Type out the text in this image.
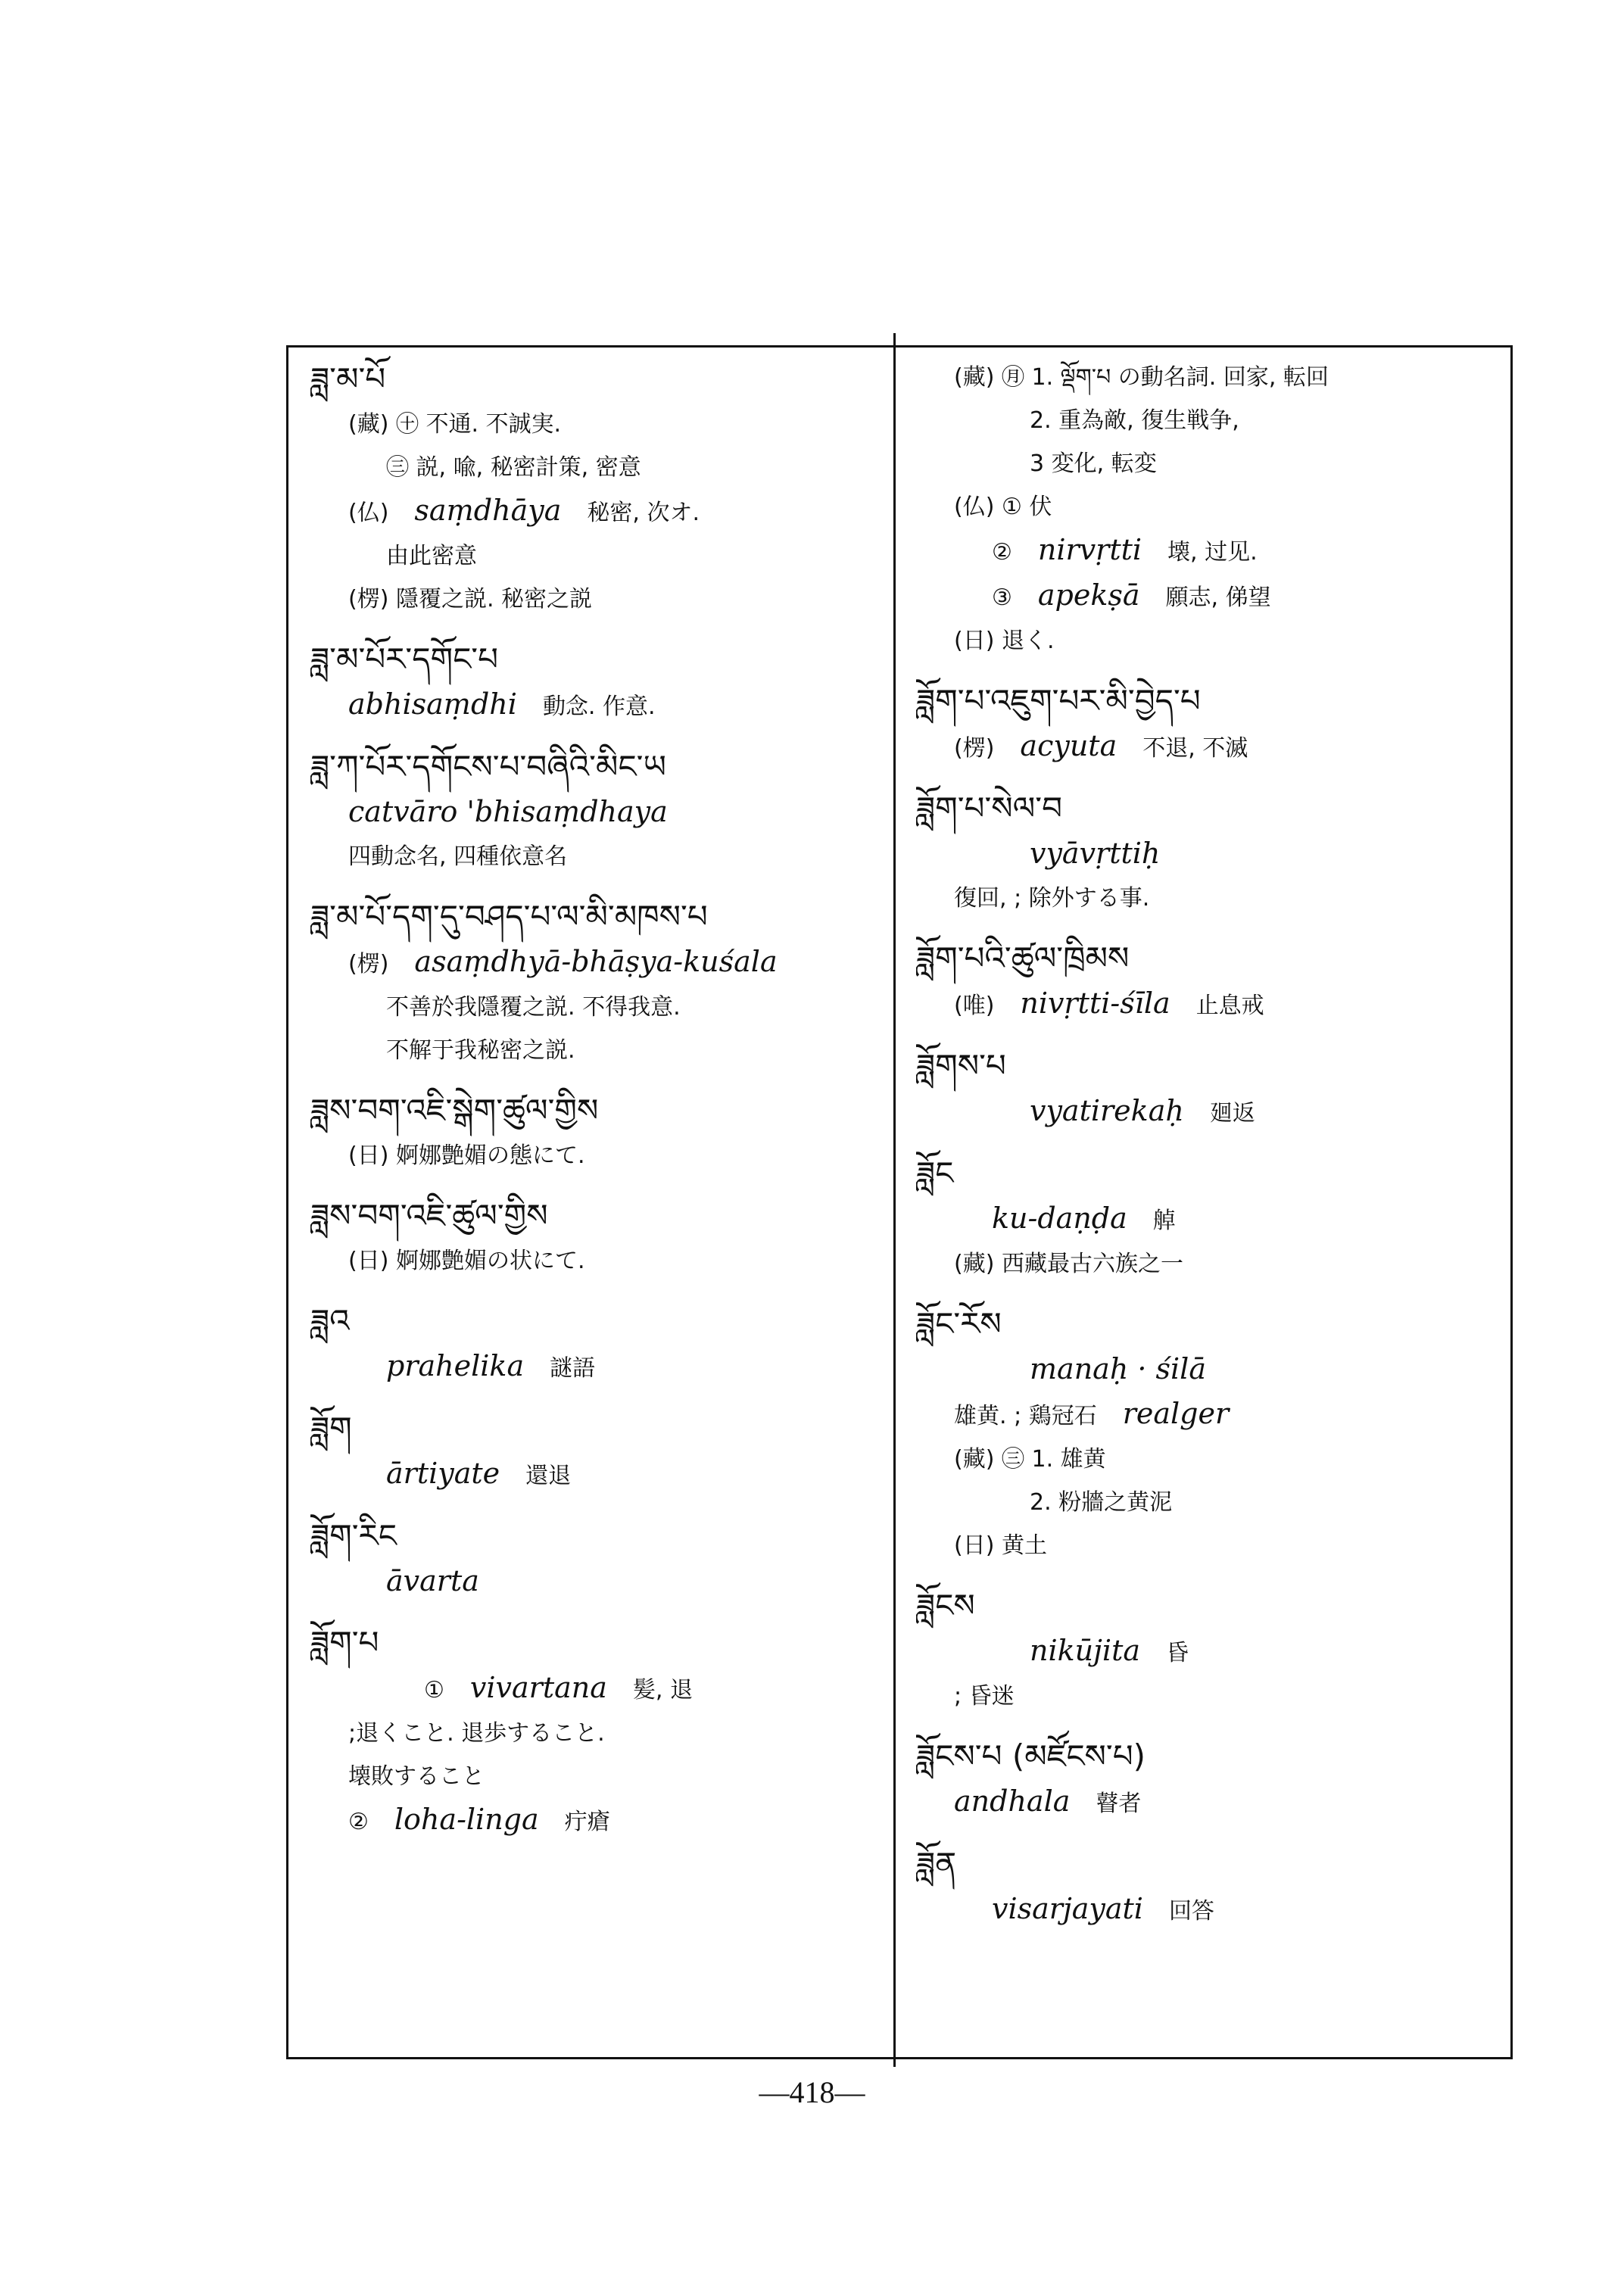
ཟླ་མ་པོ
(藏) ㊉ 不通. 不誠実.
㊂ 説, 喩, 秘密計策, 密意
(仏) saṃdhāya 秘密, 次オ.
由此密意
(楞) 隱覆之説. 秘密之説
ཟླ་མ་པོར་དགོང་པ
abhisaṃdhi 動念. 作意.
ཟླ་ཀ་པོར་དགོངས་པ་བཞིའི་མིང་ཡ
catvāro 'bhisaṃdhaya
四動念名, 四種依意名
ཟླ་མ་པོ་དག་དུ་བཤད་པ་ལ་མི་མཁས་པ
(楞) asaṃdhyā-bhāṣya-kuśala
不善於我隱覆之説. 不得我意.
不解于我秘密之説.
ཟླས་བག་འཇི་སྒེག་ཚུལ་གྱིས
(日) 婀娜艶媚の態にて.
ཟླས་བག་འཇི་ཚུལ་གྱིས
(日) 婀娜艶媚の状にて.
ཟླའ
prahelika 謎語
ཟློག
ārtiyate 還退
ཟློག་རིང
āvarta
ཟློག་པ
① vivartana 髪, 退
;退くこと. 退歩すること.
壊敗すること
② loha-linga 疔瘡
(藏) ㊊ 1. ལྡོག་པ の動名詞. 回家, 転回
2. 重為敵, 復生戦争,
3 変化, 転変
(仏) ① 伏
② nirvṛtti 壊, 过见.
③ apekṣā 願志, 俤望
(日) 退く.
ཟློག་པ་འཇུག་པར་མི་བྱེད་པ
(楞) acyuta 不退, 不滅
ཟློག་པ་སེལ་བ
vyāvṛttiḥ
復回, ; 除外する事.
ཟློག་པའི་ཚུལ་ཁྲིམས
(唯) nivṛtti-śīla 止息戒
ཟློགས་པ
vyatirekaḥ 廻返
ཟློང
ku-daṇḍa 䑲
(藏) 西藏最古六族之一
ཟློང་རོས
manaḥ · śilā
雄黄. ; 鶏冠石 realger
(藏) ㊂ 1. 雄黄
2. 粉牆之黄泥
(日) 黄土
ཟློངས
nikūjita 昏
; 昏迷
ཟློངས་པ (མཛོངས་པ)
andhala 瞽者
ཟློན
visarjayati 回答
—418—
